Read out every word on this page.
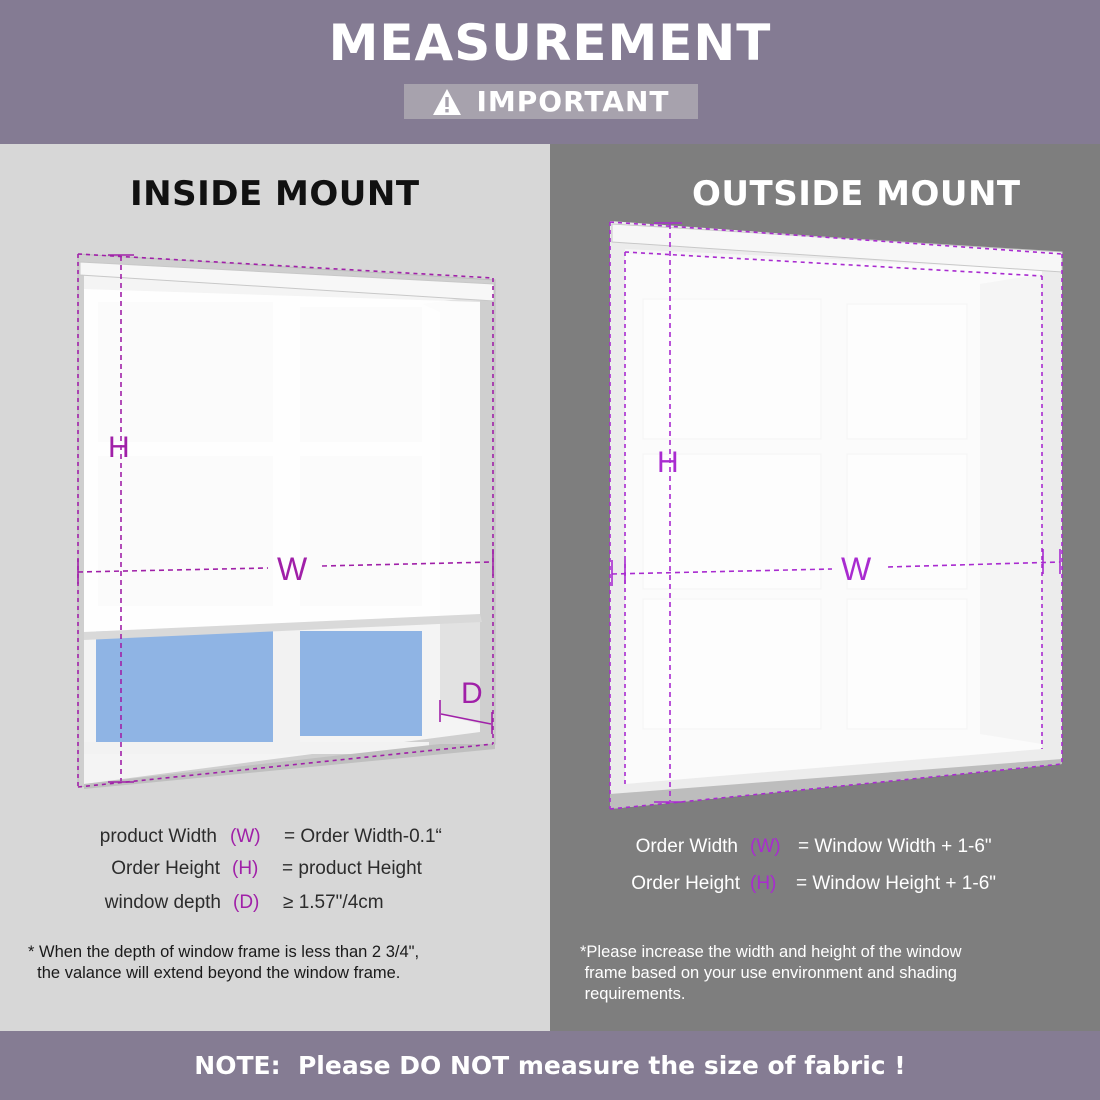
MEASUREMENT
IMPORTANT
INSIDE MOUNT
H
W
D
product Width (W) = Order Width-0.1“
Order Height (H) = product Height
window depth (D) ≥ 1.57"/4cm
* When the depth of window frame is less than 2 3/4",
the valance will extend beyond the window frame.
OUTSIDE MOUNT
H
W
Order Width (W) = Window Width + 1-6"
Order Height (H) = Window Height + 1-6"
*Please increase the width and height of the window
frame based on your use environment and shading
requirements.
NOTE:  Please DO NOT measure the size of fabric !
